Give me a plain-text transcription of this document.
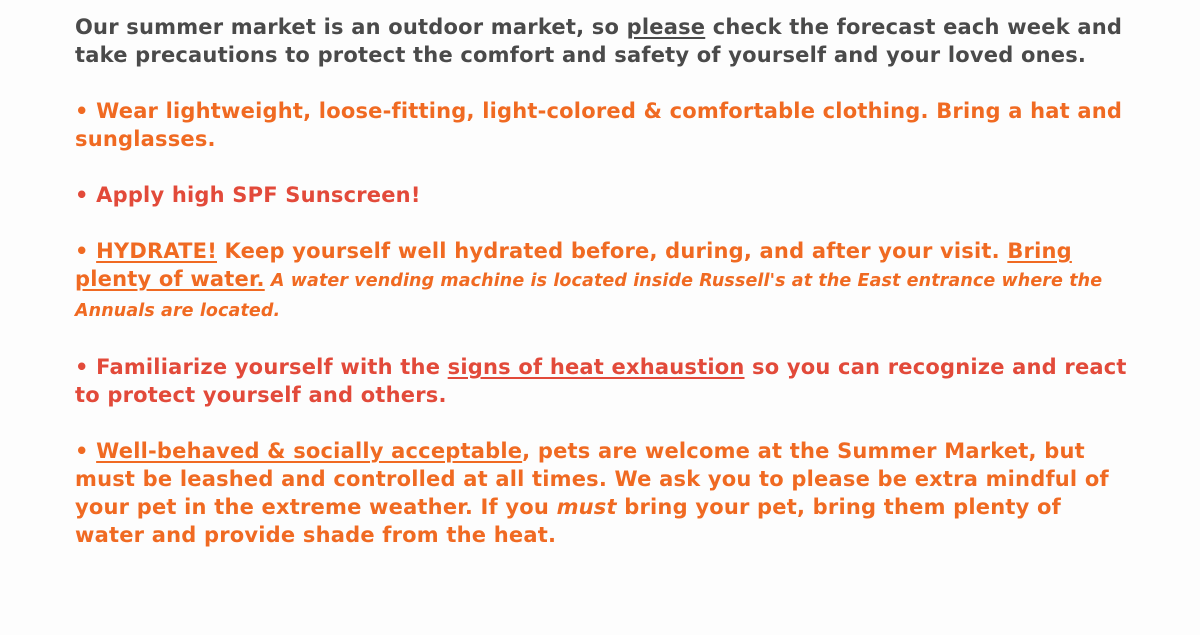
Our summer market is an outdoor market, so please check the forecast each week and take precautions to protect the comfort and safety of yourself and your loved ones.

• Wear lightweight, loose-fitting, light-colored & comfortable clothing. Bring a hat and sunglasses.

• Apply high SPF Sunscreen!

• HYDRATE! Keep yourself well hydrated before, during, and after your visit. Bring plenty of water. A water vending machine is located inside Russell's at the East entrance where the Annuals are located.

• Familiarize yourself with the signs of heat exhaustion so you can recognize and react to protect yourself and others.

• Well-behaved & socially acceptable, pets are welcome at the Summer Market, but must be leashed and controlled at all times. We ask you to please be extra mindful of your pet in the extreme weather. If you must bring your pet, bring them plenty of water and provide shade from the heat.
